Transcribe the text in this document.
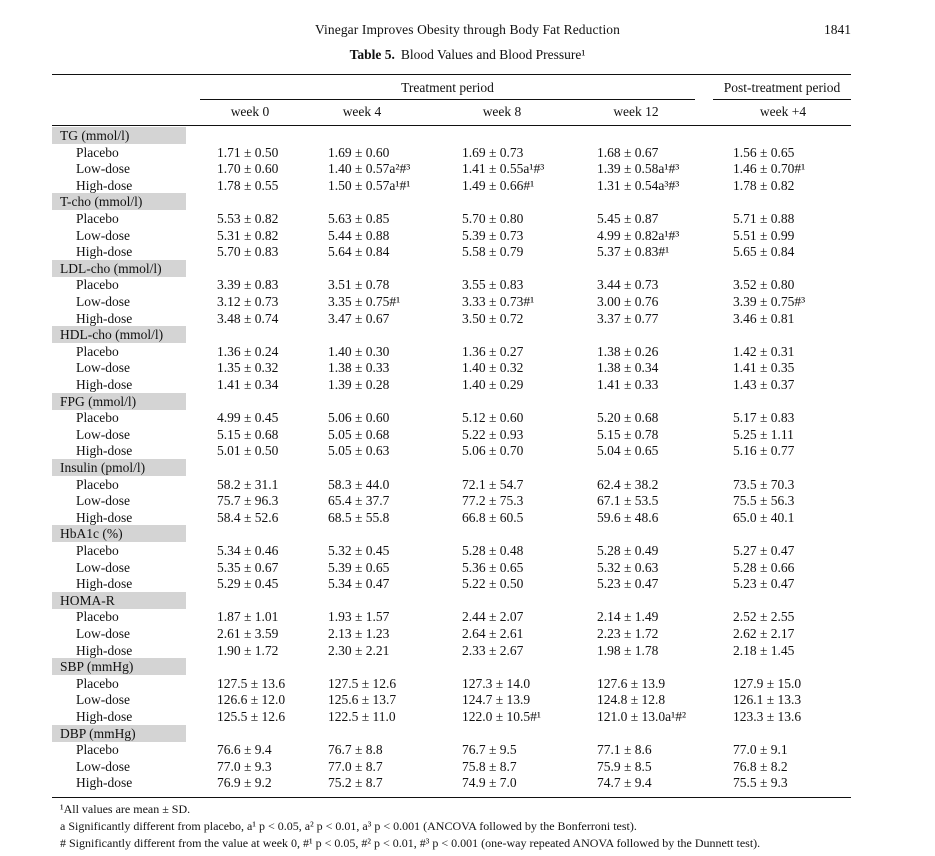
Vinegar Improves Obesity through Body Fat Reduction	1841
Table 5. Blood Values and Blood Pressure¹
Treatment period	Post-treatment period
week 0	week 4	week 8	week 12	week +4
TG (mmol/l)
Placebo	1.71 ± 0.50	1.69 ± 0.60	1.69 ± 0.73	1.68 ± 0.67	1.56 ± 0.65
Low-dose	1.70 ± 0.60	1.40 ± 0.57a²#³	1.41 ± 0.55a¹#³	1.39 ± 0.58a¹#³	1.46 ± 0.70#¹
High-dose	1.78 ± 0.55	1.50 ± 0.57a¹#¹	1.49 ± 0.66#¹	1.31 ± 0.54a³#³	1.78 ± 0.82
T-cho (mmol/l)
Placebo	5.53 ± 0.82	5.63 ± 0.85	5.70 ± 0.80	5.45 ± 0.87	5.71 ± 0.88
Low-dose	5.31 ± 0.82	5.44 ± 0.88	5.39 ± 0.73	4.99 ± 0.82a¹#³	5.51 ± 0.99
High-dose	5.70 ± 0.83	5.64 ± 0.84	5.58 ± 0.79	5.37 ± 0.83#¹	5.65 ± 0.84
LDL-cho (mmol/l)
Placebo	3.39 ± 0.83	3.51 ± 0.78	3.55 ± 0.83	3.44 ± 0.73	3.52 ± 0.80
Low-dose	3.12 ± 0.73	3.35 ± 0.75#¹	3.33 ± 0.73#¹	3.00 ± 0.76	3.39 ± 0.75#³
High-dose	3.48 ± 0.74	3.47 ± 0.67	3.50 ± 0.72	3.37 ± 0.77	3.46 ± 0.81
HDL-cho (mmol/l)
Placebo	1.36 ± 0.24	1.40 ± 0.30	1.36 ± 0.27	1.38 ± 0.26	1.42 ± 0.31
Low-dose	1.35 ± 0.32	1.38 ± 0.33	1.40 ± 0.32	1.38 ± 0.34	1.41 ± 0.35
High-dose	1.41 ± 0.34	1.39 ± 0.28	1.40 ± 0.29	1.41 ± 0.33	1.43 ± 0.37
FPG (mmol/l)
Placebo	4.99 ± 0.45	5.06 ± 0.60	5.12 ± 0.60	5.20 ± 0.68	5.17 ± 0.83
Low-dose	5.15 ± 0.68	5.05 ± 0.68	5.22 ± 0.93	5.15 ± 0.78	5.25 ± 1.11
High-dose	5.01 ± 0.50	5.05 ± 0.63	5.06 ± 0.70	5.04 ± 0.65	5.16 ± 0.77
Insulin (pmol/l)
Placebo	58.2 ± 31.1	58.3 ± 44.0	72.1 ± 54.7	62.4 ± 38.2	73.5 ± 70.3
Low-dose	75.7 ± 96.3	65.4 ± 37.7	77.2 ± 75.3	67.1 ± 53.5	75.5 ± 56.3
High-dose	58.4 ± 52.6	68.5 ± 55.8	66.8 ± 60.5	59.6 ± 48.6	65.0 ± 40.1
HbA1c (%)
Placebo	5.34 ± 0.46	5.32 ± 0.45	5.28 ± 0.48	5.28 ± 0.49	5.27 ± 0.47
Low-dose	5.35 ± 0.67	5.39 ± 0.65	5.36 ± 0.65	5.32 ± 0.63	5.28 ± 0.66
High-dose	5.29 ± 0.45	5.34 ± 0.47	5.22 ± 0.50	5.23 ± 0.47	5.23 ± 0.47
HOMA-R
Placebo	1.87 ± 1.01	1.93 ± 1.57	2.44 ± 2.07	2.14 ± 1.49	2.52 ± 2.55
Low-dose	2.61 ± 3.59	2.13 ± 1.23	2.64 ± 2.61	2.23 ± 1.72	2.62 ± 2.17
High-dose	1.90 ± 1.72	2.30 ± 2.21	2.33 ± 2.67	1.98 ± 1.78	2.18 ± 1.45
SBP (mmHg)
Placebo	127.5 ± 13.6	127.5 ± 12.6	127.3 ± 14.0	127.6 ± 13.9	127.9 ± 15.0
Low-dose	126.6 ± 12.0	125.6 ± 13.7	124.7 ± 13.9	124.8 ± 12.8	126.1 ± 13.3
High-dose	125.5 ± 12.6	122.5 ± 11.0	122.0 ± 10.5#¹	121.0 ± 13.0a¹#²	123.3 ± 13.6
DBP (mmHg)
Placebo	76.6 ± 9.4	76.7 ± 8.8	76.7 ± 9.5	77.1 ± 8.6	77.0 ± 9.1
Low-dose	77.0 ± 9.3	77.0 ± 8.7	75.8 ± 8.7	75.9 ± 8.5	76.8 ± 8.2
High-dose	76.9 ± 9.2	75.2 ± 8.7	74.9 ± 7.0	74.7 ± 9.4	75.5 ± 9.3
¹All values are mean ± SD.
a Significantly different from placebo, a¹ p < 0.05, a² p < 0.01, a³ p < 0.001 (ANCOVA followed by the Bonferroni test).
# Significantly different from the value at week 0, #¹ p < 0.05, #² p < 0.01, #³ p < 0.001 (one-way repeated ANOVA followed by the Dunnett test).
